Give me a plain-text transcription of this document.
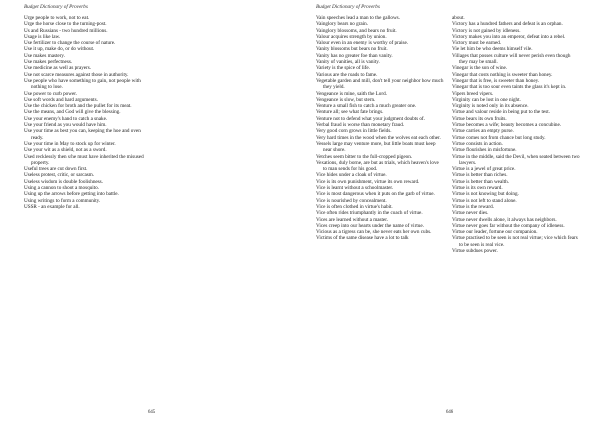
Budget Dictionary of Proverbs

Urge people to work, not to eat.

Urge the horse close to the turning-post.

Us and Russians - two hundred millions.

Usage is like law.

Use fertilizer to change the course of nature.

Use it up, make do, or do without.

Use makes mastery.

Use makes perfectness.

Use medicine as well as prayers.

Use not scarce measures against those in authority.

Use people who have something to gain, not people with nothing to lose.

Use power to curb power.

Use soft words and hard arguments.

Use the chicken for broth and the pullet for its meat.

Use the means, and God will give the blessing.

Use your enemy's hand to catch a snake.

Use your friend as you would have him.

Use your time as best you can, keeping the hoe and oven ready.

Use your time in May to stock up for winter.

Use your wit as a shield, not as a sword.

Used recklessly then s/he must have inherited the misused property.

Useful trees are cut down first.

Useless protest, critic, or sarcasm.

Useless wisdom is double foolishness.

Using a cannon to shoot a mosquito.

Using up the arrows before getting into battle.

Using writings to form a community.

USSR - an example for all.

645
Budget Dictionary of Proverbs

Vain speeches lead a man to the gallows.

Vainglory bears no grain.

Vainglory blossoms, and bears no fruit.

Valour acquires strength by union.

Valour even in an enemy is worthy of praise.

Vanity blossoms but bears no fruit.

Vanity has no greater foe than vanity.

Vanity of vanities, all is vanity.

Variety is the spice of life.

Various are the roads to fame.

Vegetable garden and mill, don't tell your neighbor how much they yield.

Vengeance is mine, saith the Lord.

Vengeance is slow, but stern.

Venture a small fish to catch a much greater one.

Venture all; see what fate brings.

Venture not to defend what your judgment doubts of.

Verbal fraud is worse than monetary fraud.

Very good corn grows in little fields.

Very hard times in the wood when the wolves eat each other.

Vessels large may venture more, but little boats must keep near shore.

Vetches seem bitter to the full-cropped pigeon.

Vexations, duly borne, are but as trials, which heaven's love to man sends for his good.

Vice hides under a cloak of virtue.

Vice is its own punishment, virtue its own reward.

Vice is learnt without a schoolmaster.

Vice is most dangerous when it puts on the garb of virtue.

Vice is nourished by concealment.

Vice is often clothed in virtue's habit.

Vice often rides triumphantly in the coach of virtue.

Vices are learned without a master.

Vices creep into our hearts under the name of virtue.

Vicious as a tigress can be, she never eats her own cubs.

Victims of the same disease have a lot to talk

about.

Victory has a hundred fathers and defeat is an orphan.

Victory is not gained by idleness.

Victory makes you into an emperor, defeat into a rebel.

Victory must be earned.

Vie let him be who deems himself vile.

Villages that posses culture will never perish even though they may be small.

Vinegar is the son of wine.

Vinegar that costs nothing is sweeter than honey.

Vinegar that is free, is sweeter than honey.

Vinegar that is too sour even taints the glass it's kept in.

Vipers breed vipers.

Virginity can be lost in one night.

Virginity is noted only in its absence.

Virtue and valour reside in being put to the test.

Virtue bears its own fruits.

Virtue becomes a wife; beauty becomes a concubine.

Virtue carries an empty purse.

Virtue comes not from chance but long study.

Virtue consists in action.

Virtue flourishes in misfortune.

Virtue in the middle, said the Devil, when seated between two lawyers.

Virtue is a jewel of great price.

Virtue is better than riches.

Virtue is better than wealth.

Virtue is its own reward.

Virtue is not knowing but doing.

Virtue is not left to stand alone.

Virtue is the reward.

Virtue never dies.

Virtue never dwells alone, it always has neighbors.

Virtue never goes far without the company of idleness.

Virtue our leader, fortune our companion.

Virtue practised to be seen is not real virtue; vice which fears to be seen is real vice.

Virtue subdues power.

646
